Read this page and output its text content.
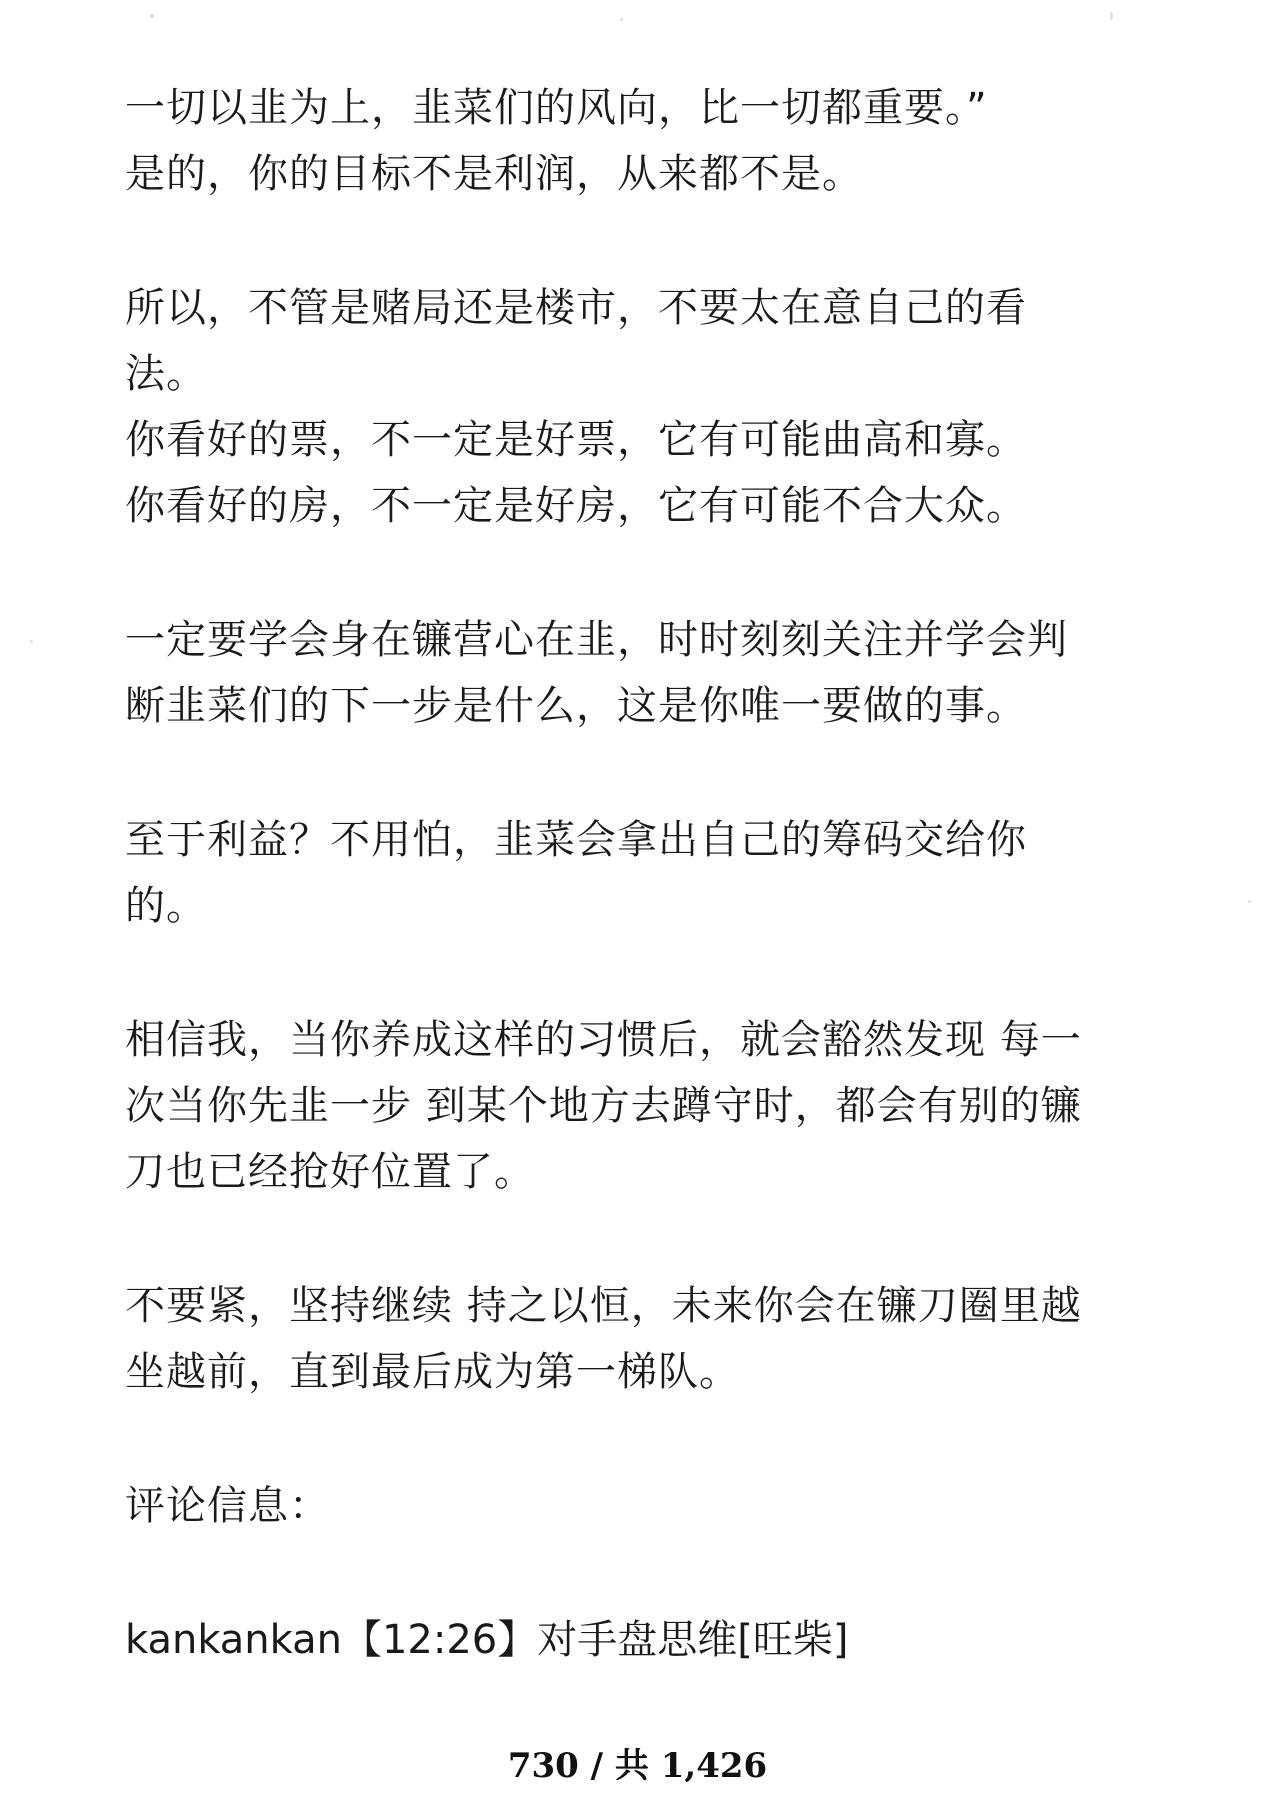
一切以韭为上，韭菜们的风向，比一切都重要。”
是的，你的目标不是利润，从来都不是。
所以，不管是赌局还是楼市，不要太在意自己的看
法。
你看好的票，不一定是好票，它有可能曲高和寡。
你看好的房，不一定是好房，它有可能不合大众。
一定要学会身在镰营心在韭，时时刻刻关注并学会判
断韭菜们的下一步是什么，这是你唯一要做的事。
至于利益？不用怕，韭菜会拿出自己的筹码交给你
的。
相信我，当你养成这样的习惯后，就会豁然发现 每一
次当你先韭一步 到某个地方去蹲守时，都会有别的镰
刀也已经抢好位置了。
不要紧，坚持继续 持之以恒，未来你会在镰刀圈里越
坐越前，直到最后成为第一梯队。
评论信息：
kankankan【12:26】对手盘思维[旺柴]
730 / 共 1,426
